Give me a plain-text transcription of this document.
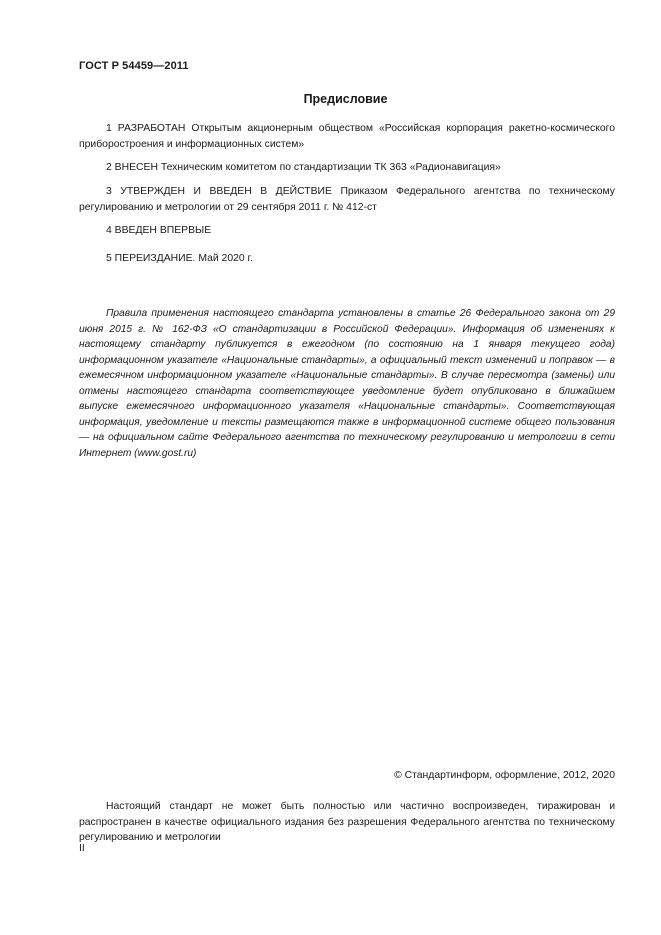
ГОСТ Р 54459—2011
Предисловие

1 РАЗРАБОТАН Открытым акционерным обществом «Российская корпорация ракетно-космического приборостроения и информационных систем»

2 ВНЕСЕН Техническим комитетом по стандартизации ТК 363 «Радионавигация»

3 УТВЕРЖДЕН И ВВЕДЕН В ДЕЙСТВИЕ Приказом Федерального агентства по техническому регулированию и метрологии от 29 сентября 2011 г. № 412-ст

4 ВВЕДЕН ВПЕРВЫЕ

5 ПЕРЕИЗДАНИЕ. Май 2020 г.

Правила применения настоящего стандарта установлены в статье 26 Федерального закона от 29 июня 2015 г. № 162-ФЗ «О стандартизации в Российской Федерации». Информация об изменениях к настоящему стандарту публикуется в ежегодном (по состоянию на 1 января текущего года) информационном указателе «Национальные стандарты», а официальный текст изменений и поправок — в ежемесячном информационном указателе «Национальные стандарты». В случае пересмотра (замены) или отмены настоящего стандарта соответствующее уведомление будет опубликовано в ближайшем выпуске ежемесячного информационного указателя «Национальные стандарты». Соответствующая информация, уведомление и тексты размещаются также в информационной системе общего пользования — на официальном сайте Федерального агентства по техническому регулированию и метрологии в сети Интернет (www.gost.ru)

© Стандартинформ, оформление, 2012, 2020

Настоящий стандарт не может быть полностью или частично воспроизведен, тиражирован и распространен в качестве официального издания без разрешения Федерального агентства по техническому регулированию и метрологии

II
